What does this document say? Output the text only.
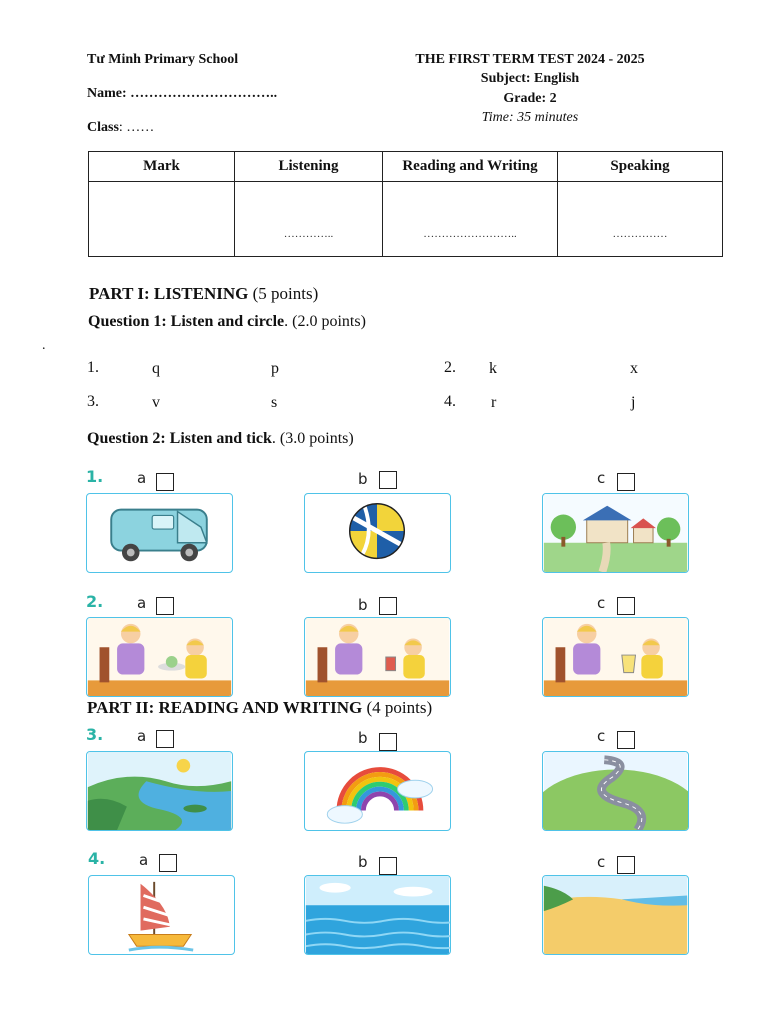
Tư Minh Primary School
Name: …………………………..
Class: ……
THE FIRST TERM TEST 2024 - 2025
Subject: English
Grade: 2
Time: 35 minutes
Mark	Listening	Reading and Writing	Speaking
	…………..	……………………..	……………
PART I: LISTENING (5 points)
Question 1: Listen and circle. (2.0 points)
.
1.	q	p	2. k	x
3.	v	s	4. r	j
Question 2: Listen and tick. (3.0 points)
1. a	b	c
2. a	b	c
PART II: READING AND WRITING (4 points)
3. a	b	c
4. a	b	c
